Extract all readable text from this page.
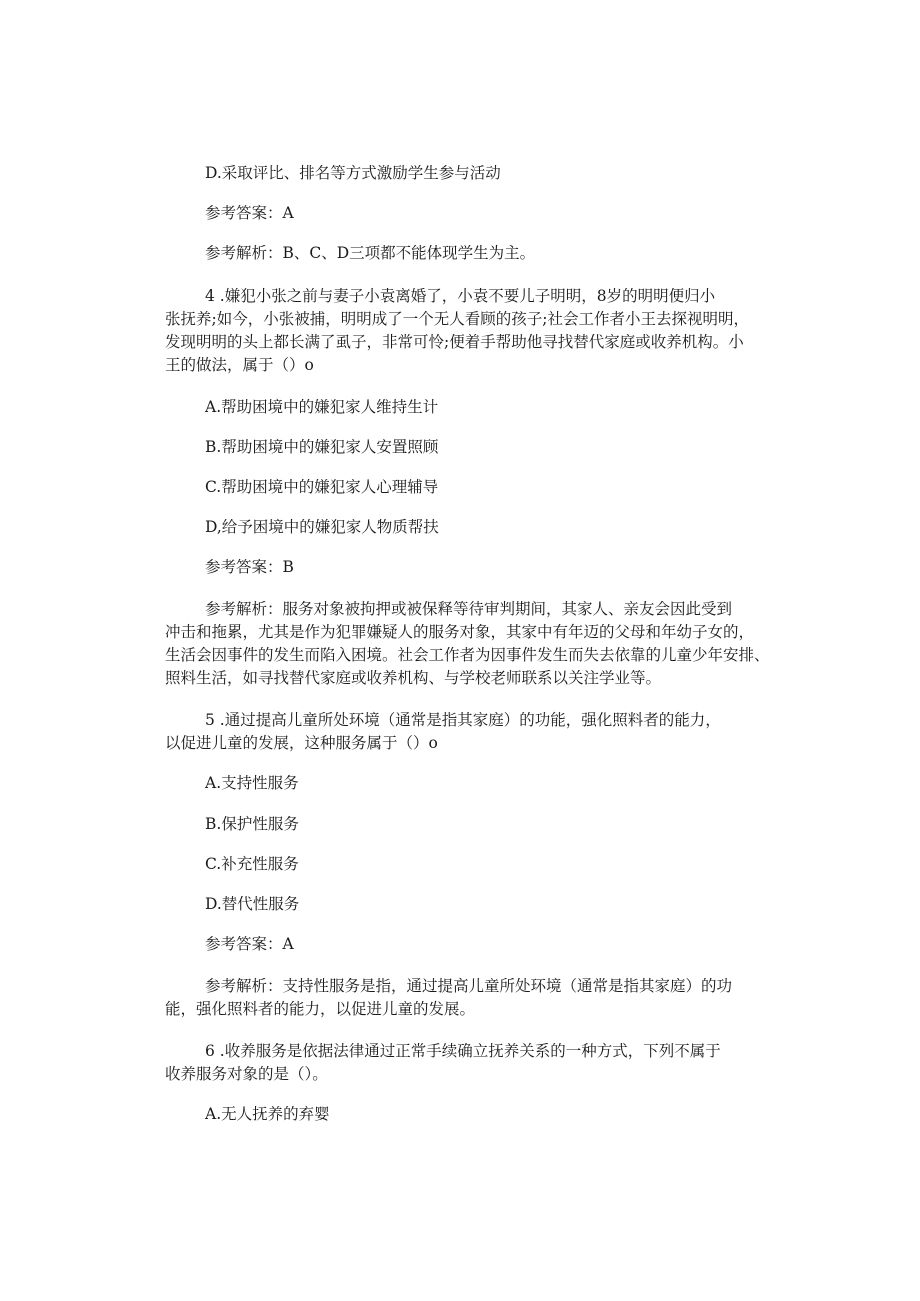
D.采取评比、排名等方式激励学生参与活动
参考答案：A
参考解析：B、C、D三项都不能体现学生为主。
4 .嫌犯小张之前与妻子小袁离婚了，小袁不要儿子明明，8岁的明明便归小
张抚养;如今，小张被捕，明明成了一个无人看顾的孩子;社会工作者小王去探视明明，
发现明明的头上都长满了虱子，非常可怜;便着手帮助他寻找替代家庭或收养机构。小
王的做法，属于（）o
A.帮助困境中的嫌犯家人维持生计
B.帮助困境中的嫌犯家人安置照顾
C.帮助困境中的嫌犯家人心理辅导
D,给予困境中的嫌犯家人物质帮扶
参考答案：B
参考解析：服务对象被拘押或被保释等待审判期间，其家人、亲友会因此受到
冲击和拖累，尤其是作为犯罪嫌疑人的服务对象，其家中有年迈的父母和年幼子女的，
生活会因事件的发生而陷入困境。社会工作者为因事件发生而失去依靠的儿童少年安排、
照料生活，如寻找替代家庭或收养机构、与学校老师联系以关注学业等。
5 .通过提高儿童所处环境（通常是指其家庭）的功能，强化照料者的能力，
以促进儿童的发展，这种服务属于（）o
A.支持性服务
B.保护性服务
C.补充性服务
D.替代性服务
参考答案：A
参考解析：支持性服务是指，通过提高儿童所处环境（通常是指其家庭）的功
能，强化照料者的能力，以促进儿童的发展。
6 .收养服务是依据法律通过正常手续确立抚养关系的一种方式，下列不属于
收养服务对象的是（）。
A.无人抚养的弃婴
